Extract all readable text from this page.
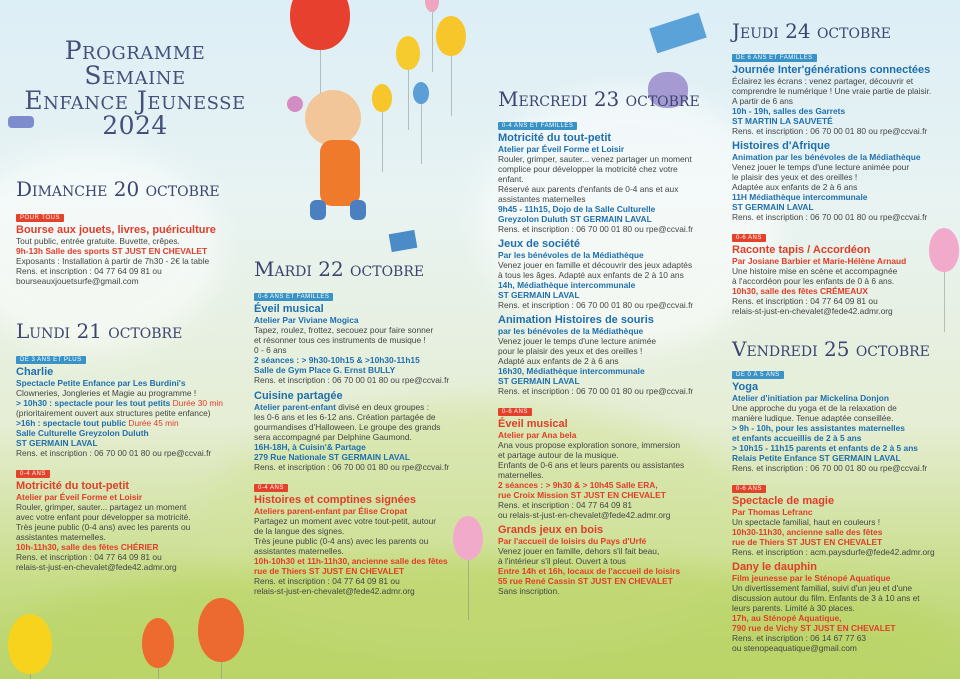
Programme Semaine
Enfance Jeunesse
2024
Dimanche 20 octobre
POUR TOUS
Bourse aux jouets, livres, puériculture
Tout public, entrée gratuite. Buvette, crêpes.
9h-13h Salle des sports ST JUST EN CHEVALET
Exposants : Installation à partir de 7h30 - 2€ la table
Rens. et inscription : 04 77 64 09 81 ou
bourseauxjouetsurfe@gmail.com
Lundi 21 octobre
DE 3 ANS ET PLUS
Charlie
Spectacle Petite Enfance par Les Burdini's
Clowneries, Jongleries et Magie au programme !
> 10h30 : spectacle pour les tout petits Durée 30 min
(prioritairement ouvert aux structures petite enfance)
>16h : spectacle tout public Durée 45 min
Salle Culturelle Greyzolon Duluth
ST GERMAIN LAVAL
Rens. et inscription : 06 70 00 01 80 ou rpe@ccvai.fr
0-4 ANS
Motricité du tout-petit
Atelier par Éveil Forme et Loisir
Rouler, grimper, sauter... partagez un moment
avec votre enfant pour développer sa motricité.
Très jeune public (0-4 ans) avec les parents ou
assistantes maternelles.
10h-11h30, salle des fêtes CHÉRIER
Rens. et inscription : 04 77 64 09 81 ou
relais-st-just-en-chevalet@fede42.admr.org
Mardi 22 octobre
0-6 ANS ET FAMILLES
Éveil musical
Atelier Par Viviane Mogica
Tapez, roulez, frottez, secouez pour faire sonner
et résonner tous ces instruments de musique !
0 - 6 ans
2 séances : > 9h30-10h15 & >10h30-11h15
Salle de Gym Place G. Ernst BULLY
Rens. et inscription : 06 70 00 01 80 ou rpe@ccvai.fr
Cuisine partagée
Atelier parent-enfant divisé en deux groupes :
les 0-6 ans et les 6-12 ans. Création partagée de
gourmandises d'Halloween. Le groupe des grands
sera accompagné par Delphine Gaumond.
16H-18H, à Cuisin'& Partage
279 Rue Nationale ST GERMAIN LAVAL
Rens. et inscription : 06 70 00 01 80 ou rpe@ccvai.fr
0-4 ANS
Histoires et comptines signées
Ateliers parent-enfant par Élise Cropat
Partagez un moment avec votre tout-petit, autour
de la langue des signes.
Très jeune public (0-4 ans) avec les parents ou
assistantes maternelles.
10h-10h30 et 11h-11h30, ancienne salle des fêtes
rue de Thiers ST JUST EN CHEVALET
Rens. et inscription : 04 77 64 09 81 ou
relais-st-just-en-chevalet@fede42.admr.org
Mercredi 23 octobre
0-4 ANS ET FAMILLES
Motricité du tout-petit
Atelier par Éveil Forme et Loisir
Rouler, grimper, sauter... venez partager un moment
complice pour développer la motricité chez votre
enfant.
Réservé aux parents d'enfants de 0-4 ans et aux
assistantes maternelles
9h45 - 11h15, Dojo de la Salle Culturelle
Greyzolon Duluth ST GERMAIN LAVAL
Rens. et inscription : 06 70 00 01 80 ou rpe@ccvai.fr
Jeux de société
Par les bénévoles de la Médiathèque
Venez jouer en famille et découvrir des jeux adaptés
à tous les âges. Adapté aux enfants de 2 à 10 ans
14h, Médiathèque intercommunale
ST GERMAIN LAVAL
Rens. et inscription : 06 70 00 01 80 ou rpe@ccvai.fr
Animation Histoires de souris
par les bénévoles de la Médiathèque
Venez jouer le temps d'une lecture animée
pour le plaisir des yeux et des oreilles !
Adapté aux enfants de 2 à 6 ans
16h30, Médiathèque intercommunale
ST GERMAIN LAVAL
Rens. et inscription : 06 70 00 01 80 ou rpe@ccvai.fr
0-6 ANS
Éveil musical
Atelier par Ana bela
Ana vous propose exploration sonore, immersion
et partage autour de la musique.
Enfants de 0-6 ans et leurs parents ou assistantes
maternelles.
2 séances : > 9h30 & > 10h45 Salle ERA,
rue Croix Mission ST JUST EN CHEVALET
Rens. et inscription : 04 77 64 09 81
ou relais-st-just-en-chevalet@fede42.admr.org
Grands jeux en bois
Par l'accueil de loisirs du Pays d'Urfé
Venez jouer en famille, dehors s'il fait beau,
à l'intérieur s'il pleut. Ouvert à tous
Entre 14h et 16h, locaux de l'accueil de loisirs
55 rue René Cassin ST JUST EN CHEVALET
Sans inscription.
Jeudi 24 octobre
DE 6 ANS ET FAMILLES
Journée Inter'générations connectées
Éclairez les écrans : venez partager, découvrir et
comprendre le numérique ! Une vraie partie de plaisir.
A partir de 6 ans
10h - 19h, salles des Garrets
ST MARTIN LA SAUVETÉ
Rens. et inscription : 06 70 00 01 80 ou rpe@ccvai.fr
Histoires d'Afrique
Animation par les bénévoles de la Médiathèque
Venez jouer le temps d'une lecture animée pour
le plaisir des yeux et des oreilles !
Adaptée aux enfants de 2 à 6 ans
11H Médiathèque intercommunale
ST GERMAIN LAVAL
Rens. et inscription : 06 70 00 01 80 ou rpe@ccvai.fr
0-6 ANS
Raconte tapis / Accordéon
Par Josiane Barbier et Marie-Hélène Arnaud
Une histoire mise en scène et accompagnée
à l'accordéon pour les enfants de 0 à 6 ans.
10h30, salle des fêtes CRÉMEAUX
Rens. et inscription : 04 77 64 09 81 ou
relais-st-just-en-chevalet@fede42.admr.org
Vendredi 25 octobre
DE 0 À 5 ANS
Yoga
Atelier d'initiation par Mickelina Donjon
Une approche du yoga et de la relaxation de
manière ludique. Tenue adaptée conseillée.
> 9h - 10h, pour les assistantes maternelles
et enfants accueillis de 2 à 5 ans
> 10h15 - 11h15 parents et enfants de 2 à 5 ans
Relais Petite Enfance ST GERMAIN LAVAL
Rens. et inscription : 06 70 00 01 80 ou rpe@ccvai.fr
0-6 ANS
Spectacle de magie
Par Thomas Lefranc
Un spectacle familial, haut en couleurs !
10h30-11h30, ancienne salle des fêtes
rue de Thiers ST JUST EN CHEVALET
Rens. et inscription : acm.paysdurfe@fede42.admr.org
Dany le dauphin
Film jeunesse par le Sténopé Aquatique
Un divertissement familial, suivi d'un jeu et d'une
discussion autour du film. Enfants de 3 à 10 ans et
leurs parents. Limité à 30 places.
17h, au Sténopé Aquatique,
790 rue de Vichy ST JUST EN CHEVALET
Rens. et inscription : 06 14 67 77 63
ou stenopeaquatique@gmail.com
